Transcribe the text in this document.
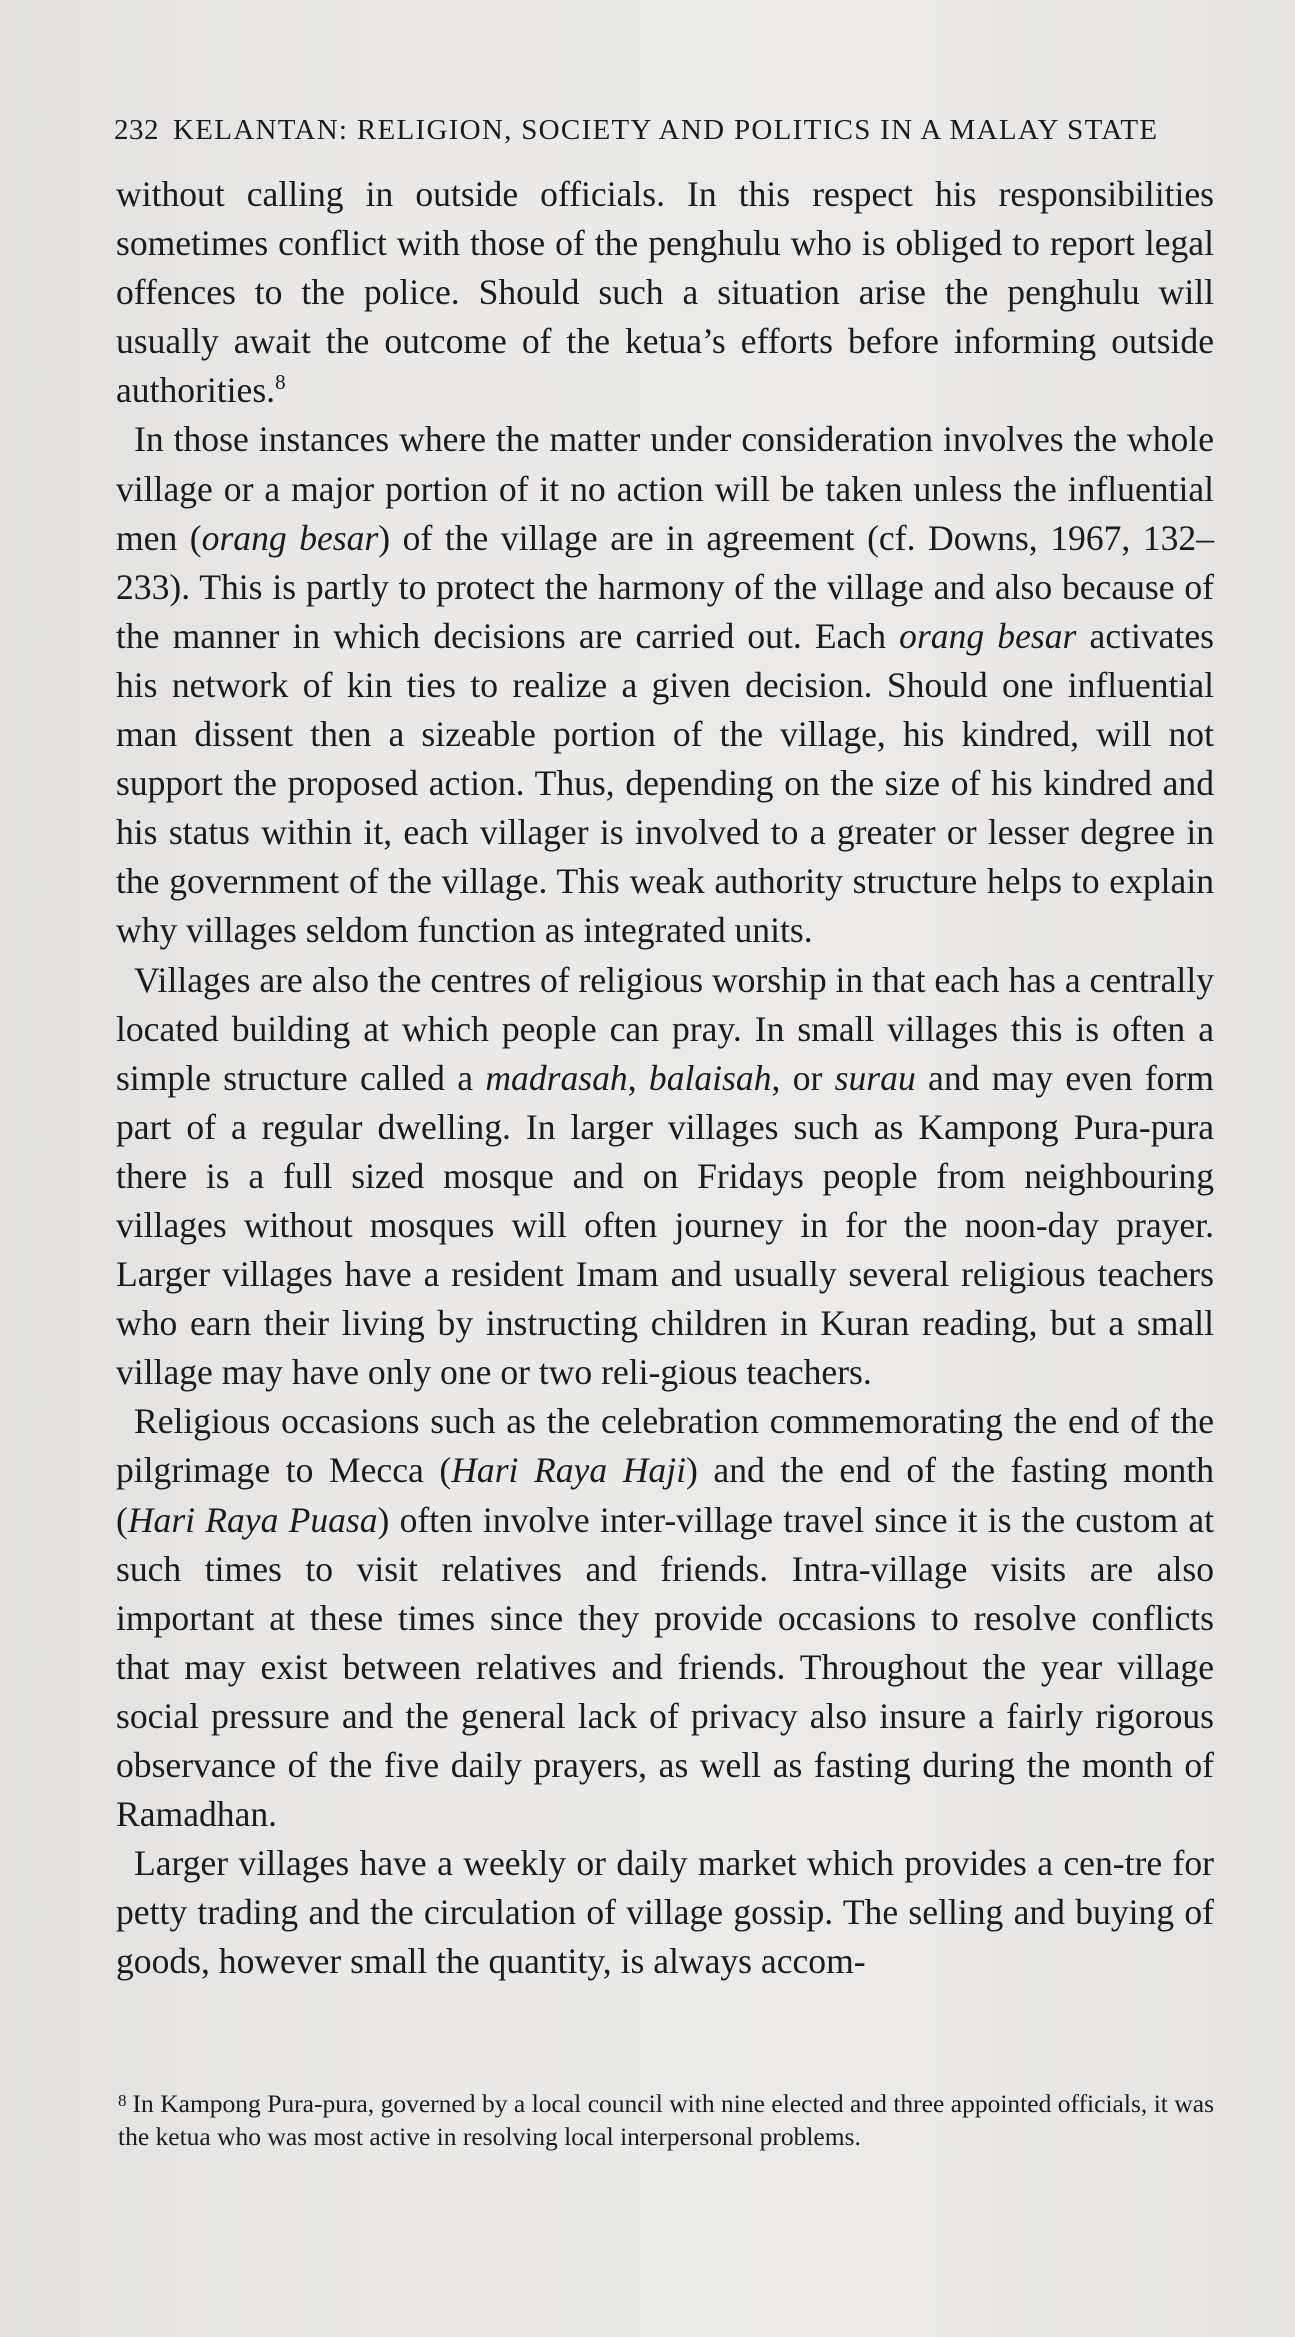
232 KELANTAN: RELIGION, SOCIETY AND POLITICS IN A MALAY STATE

without calling in outside officials. In this respect his responsibilities sometimes conflict with those of the penghulu who is obliged to report legal offences to the police. Should such a situation arise the penghulu will usually await the outcome of the ketua’s efforts before informing outside authorities.$^8$

In those instances where the matter under consideration involves the whole village or a major portion of it no action will be taken unless the influential men (orang besar) of the village are in agreement (cf. Downs, 1967, 132–233). This is partly to protect the harmony of the village and also because of the manner in which decisions are carried out. Each orang besar activates his network of kin ties to realize a given decision. Should one influential man dissent then a sizeable portion of the village, his kindred, will not support the proposed action. Thus, depending on the size of his kindred and his status within it, each villager is involved to a greater or lesser degree in the government of the village. This weak authority structure helps to explain why villages seldom function as integrated units.

Villages are also the centres of religious worship in that each has a centrally located building at which people can pray. In small villages this is often a simple structure called a madrasah, balaisah, or surau and may even form part of a regular dwelling. In larger villages such as Kampong Pura-pura there is a full sized mosque and on Fridays people from neighbouring villages without mosques will often journey in for the noon-day prayer. Larger villages have a resident Imam and usually several religious teachers who earn their living by instructing children in Kuran reading, but a small village may have only one or two reli-gious teachers.

Religious occasions such as the celebration commemorating the end of the pilgrimage to Mecca (Hari Raya Haji) and the end of the fasting month (Hari Raya Puasa) often involve inter-village travel since it is the custom at such times to visit relatives and friends. Intra-village visits are also important at these times since they provide occasions to resolve conflicts that may exist between relatives and friends. Throughout the year village social pressure and the general lack of privacy also insure a fairly rigorous observance of the five daily prayers, as well as fasting during the month of Ramadhan.

Larger villages have a weekly or daily market which provides a cen-tre for petty trading and the circulation of village gossip. The selling and buying of goods, however small the quantity, is always accom-

$^8$ In Kampong Pura-pura, governed by a local council with nine elected and three appointed officials, it was the ketua who was most active in resolving local interpersonal problems.
